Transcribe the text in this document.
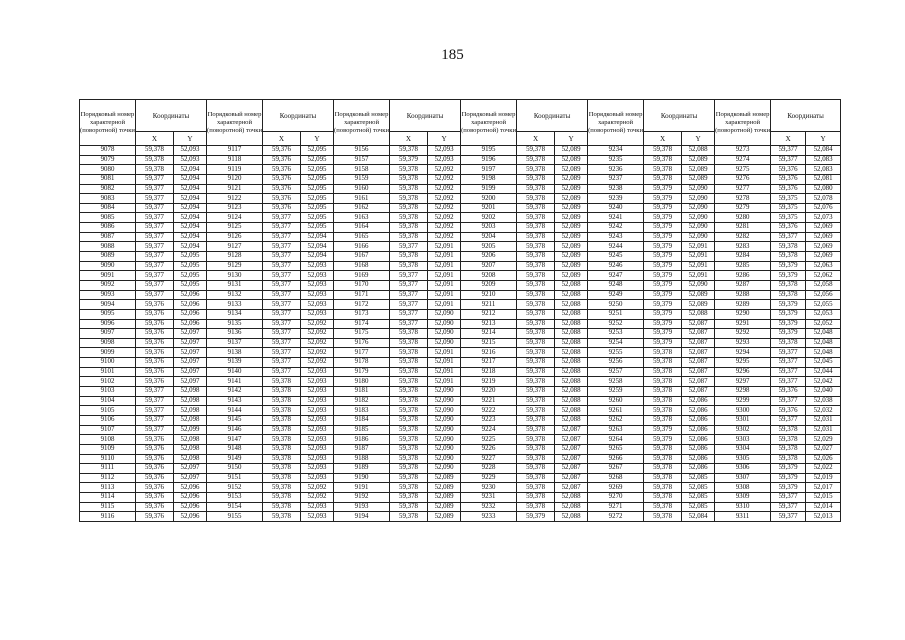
185
Порядковый номер характерной (поворотной) точки	Координаты		Порядковый номер характерной (поворотной) точки	Координаты		Порядковый номер характерной (поворотной) точки	Координаты		Порядковый номер характерной (поворотной) точки	Координаты		Порядковый номер характерной (поворотной) точки	Координаты		Порядковый номер характерной (поворотной) точки	Координаты	
	X	Y		X	Y		X	Y		X	Y		X	Y		X	Y
9078	59,378	52,093	9117	59,376	52,095	9156	59,378	52,093	9195	59,378	52,089	9234	59,378	52,088	9273	59,377	52,084
9079	59,378	52,093	9118	59,376	52,095	9157	59,379	52,093	9196	59,378	52,089	9235	59,378	52,089	9274	59,377	52,083
9080	59,378	52,094	9119	59,376	52,095	9158	59,378	52,092	9197	59,378	52,089	9236	59,378	52,089	9275	59,376	52,083
9081	59,377	52,094	9120	59,376	52,095	9159	59,378	52,092	9198	59,378	52,089	9237	59,378	52,089	9276	59,376	52,081
9082	59,377	52,094	9121	59,376	52,095	9160	59,378	52,092	9199	59,378	52,089	9238	59,379	52,090	9277	59,376	52,080
9083	59,377	52,094	9122	59,376	52,095	9161	59,378	52,092	9200	59,378	52,089	9239	59,379	52,090	9278	59,375	52,078
9084	59,377	52,094	9123	59,376	52,095	9162	59,378	52,092	9201	59,378	52,089	9240	59,379	52,090	9279	59,375	52,076
9085	59,377	52,094	9124	59,377	52,095	9163	59,378	52,092	9202	59,378	52,089	9241	59,379	52,090	9280	59,375	52,073
9086	59,377	52,094	9125	59,377	52,095	9164	59,378	52,092	9203	59,378	52,089	9242	59,379	52,090	9281	59,376	52,069
9087	59,377	52,094	9126	59,377	52,094	9165	59,378	52,092	9204	59,378	52,089	9243	59,379	52,090	9282	59,377	52,069
9088	59,377	52,094	9127	59,377	52,094	9166	59,377	52,091	9205	59,378	52,089	9244	59,379	52,091	9283	59,378	52,069
9089	59,377	52,095	9128	59,377	52,094	9167	59,378	52,091	9206	59,378	52,089	9245	59,379	52,091	9284	59,378	52,069
9090	59,377	52,095	9129	59,377	52,093	9168	59,378	52,091	9207	59,378	52,089	9246	59,379	52,091	9285	59,379	52,063
9091	59,377	52,095	9130	59,377	52,093	9169	59,377	52,091	9208	59,378	52,089	9247	59,379	52,091	9286	59,379	52,062
9092	59,377	52,095	9131	59,377	52,093	9170	59,377	52,091	9209	59,378	52,088	9248	59,379	52,090	9287	59,378	52,058
9093	59,377	52,096	9132	59,377	52,093	9171	59,377	52,091	9210	59,378	52,088	9249	59,379	52,089	9288	59,378	52,056
9094	59,376	52,096	9133	59,377	52,093	9172	59,377	52,091	9211	59,378	52,088	9250	59,379	52,089	9289	59,379	52,055
9095	59,376	52,096	9134	59,377	52,093	9173	59,377	52,090	9212	59,378	52,088	9251	59,379	52,088	9290	59,379	52,053
9096	59,376	52,096	9135	59,377	52,092	9174	59,377	52,090	9213	59,378	52,088	9252	59,379	52,087	9291	59,379	52,052
9097	59,376	52,097	9136	59,377	52,092	9175	59,378	52,090	9214	59,378	52,088	9253	59,379	52,087	9292	59,379	52,048
9098	59,376	52,097	9137	59,377	52,092	9176	59,378	52,090	9215	59,378	52,088	9254	59,379	52,087	9293	59,378	52,048
9099	59,376	52,097	9138	59,377	52,092	9177	59,378	52,091	9216	59,378	52,088	9255	59,378	52,087	9294	59,377	52,048
9100	59,376	52,097	9139	59,377	52,092	9178	59,378	52,091	9217	59,378	52,088	9256	59,378	52,087	9295	59,377	52,045
9101	59,376	52,097	9140	59,377	52,093	9179	59,378	52,091	9218	59,378	52,088	9257	59,378	52,087	9296	59,377	52,044
9102	59,376	52,097	9141	59,378	52,093	9180	59,378	52,091	9219	59,378	52,088	9258	59,378	52,087	9297	59,377	52,042
9103	59,377	52,098	9142	59,378	52,093	9181	59,378	52,090	9220	59,378	52,088	9259	59,378	52,087	9298	59,376	52,040
9104	59,377	52,098	9143	59,378	52,093	9182	59,378	52,090	9221	59,378	52,088	9260	59,378	52,086	9299	59,377	52,038
9105	59,377	52,098	9144	59,378	52,093	9183	59,378	52,090	9222	59,378	52,088	9261	59,378	52,086	9300	59,376	52,032
9106	59,377	52,098	9145	59,378	52,093	9184	59,378	52,090	9223	59,378	52,088	9262	59,378	52,086	9301	59,377	52,031
9107	59,377	52,099	9146	59,378	52,093	9185	59,378	52,090	9224	59,378	52,087	9263	59,379	52,086	9302	59,378	52,031
9108	59,376	52,098	9147	59,378	52,093	9186	59,378	52,090	9225	59,378	52,087	9264	59,379	52,086	9303	59,378	52,029
9109	59,376	52,098	9148	59,378	52,093	9187	59,378	52,090	9226	59,378	52,087	9265	59,378	52,086	9304	59,378	52,027
9110	59,376	52,098	9149	59,378	52,093	9188	59,378	52,090	9227	59,378	52,087	9266	59,378	52,086	9305	59,378	52,026
9111	59,376	52,097	9150	59,378	52,093	9189	59,378	52,090	9228	59,378	52,087	9267	59,378	52,086	9306	59,379	52,022
9112	59,376	52,097	9151	59,378	52,093	9190	59,378	52,089	9229	59,378	52,087	9268	59,378	52,085	9307	59,379	52,019
9113	59,376	52,096	9152	59,378	52,092	9191	59,378	52,089	9230	59,378	52,087	9269	59,378	52,085	9308	59,379	52,017
9114	59,376	52,096	9153	59,378	52,092	9192	59,378	52,089	9231	59,378	52,088	9270	59,378	52,085	9309	59,377	52,015
9115	59,376	52,096	9154	59,378	52,093	9193	59,378	52,089	9232	59,378	52,088	9271	59,378	52,085	9310	59,377	52,014
9116	59,376	52,096	9155	59,378	52,093	9194	59,378	52,089	9233	59,379	52,088	9272	59,378	52,084	9311	59,377	52,013
